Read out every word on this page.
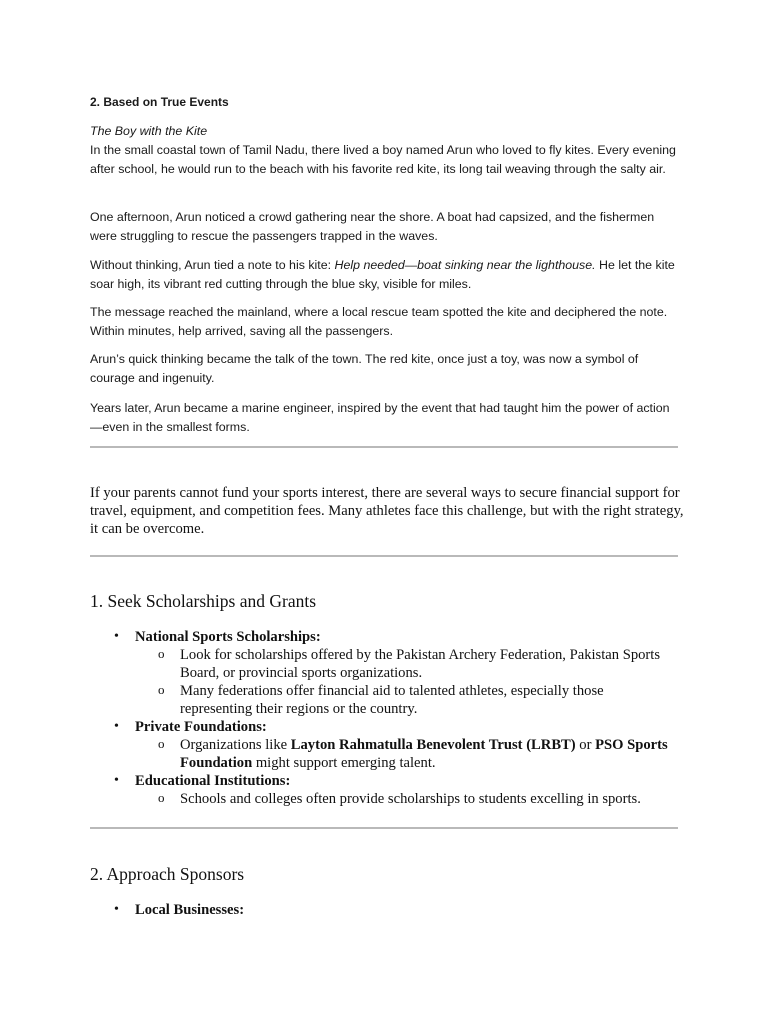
2. Based on True Events
The Boy with the Kite

In the small coastal town of Tamil Nadu, there lived a boy named Arun who loved to fly kites. Every evening after school, he would run to the beach with his favorite red kite, its long tail weaving through the salty air.

One afternoon, Arun noticed a crowd gathering near the shore. A boat had capsized, and the fishermen were struggling to rescue the passengers trapped in the waves.

Without thinking, Arun tied a note to his kite: Help needed—boat sinking near the lighthouse. He let the kite soar high, its vibrant red cutting through the blue sky, visible for miles.

The message reached the mainland, where a local rescue team spotted the kite and deciphered the note. Within minutes, help arrived, saving all the passengers.

Arun’s quick thinking became the talk of the town. The red kite, once just a toy, was now a symbol of courage and ingenuity.

Years later, Arun became a marine engineer, inspired by the event that had taught him the power of action—even in the smallest forms.

If your parents cannot fund your sports interest, there are several ways to secure financial support for travel, equipment, and competition fees. Many athletes face this challenge, but with the right strategy, it can be overcome.

1. Seek Scholarships and Grants
• National Sports Scholarships:
o Look for scholarships offered by the Pakistan Archery Federation, Pakistan Sports Board, or provincial sports organizations.
o Many federations offer financial aid to talented athletes, especially those representing their regions or the country.
• Private Foundations:
o Organizations like Layton Rahmatulla Benevolent Trust (LRBT) or PSO Sports Foundation might support emerging talent.
• Educational Institutions:
o Schools and colleges often provide scholarships to students excelling in sports.
2. Approach Sponsors
• Local Businesses:
